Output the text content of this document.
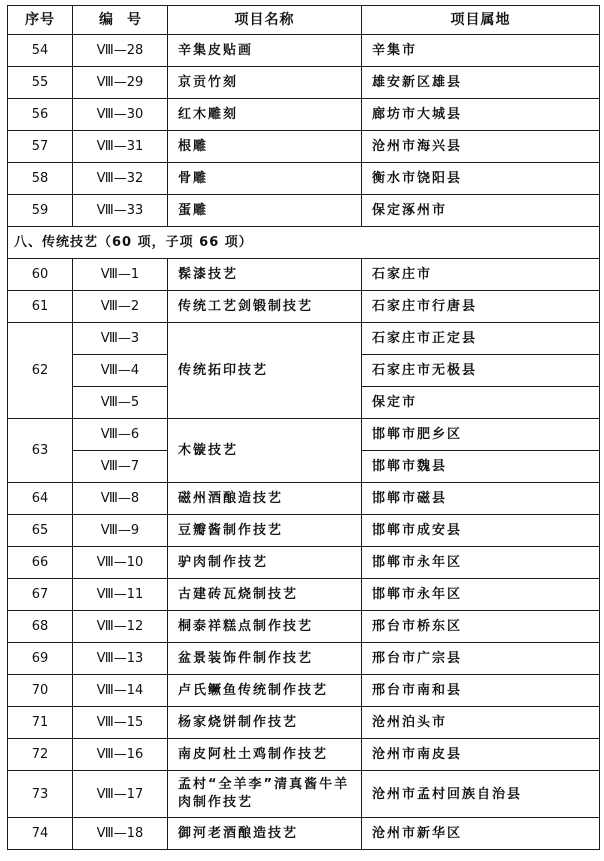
序号	编号	项目名称	项目属地
54	Ⅷ—28	辛集皮贴画	辛集市
55	Ⅷ—29	京贡竹刻	雄安新区雄县
56	Ⅷ—30	红木雕刻	廊坊市大城县
57	Ⅷ—31	根雕	沧州市海兴县
58	Ⅷ—32	骨雕	衡水市饶阳县
59	Ⅷ—33	蛋雕	保定涿州市
八、传统技艺（60 项，子项 66 项）			
60	Ⅷ—1	髹漆技艺	石家庄市
61	Ⅷ—2	传统工艺剑锻制技艺	石家庄市行唐县
62	Ⅷ—3	传统拓印技艺	石家庄市正定县
	Ⅷ—4		石家庄市无极县
	Ⅷ—5		保定市
63	Ⅷ—6	木镟技艺	邯郸市肥乡区
	Ⅷ—7		邯郸市魏县
64	Ⅷ—8	磁州酒酿造技艺	邯郸市磁县
65	Ⅷ—9	豆瓣酱制作技艺	邯郸市成安县
66	Ⅷ—10	驴肉制作技艺	邯郸市永年区
67	Ⅷ—11	古建砖瓦烧制技艺	邯郸市永年区
68	Ⅷ—12	桐泰祥糕点制作技艺	邢台市桥东区
69	Ⅷ—13	盆景装饰件制作技艺	邢台市广宗县
70	Ⅷ—14	卢氏鳜鱼传统制作技艺	邢台市南和县
71	Ⅷ—15	杨家烧饼制作技艺	沧州泊头市
72	Ⅷ—16	南皮阿杜土鸡制作技艺	沧州市南皮县
73	Ⅷ—17	孟村“全羊李”清真酱牛羊肉制作技艺	沧州市孟村回族自治县
74	Ⅷ—18	御河老酒酿造技艺	沧州市新华区
